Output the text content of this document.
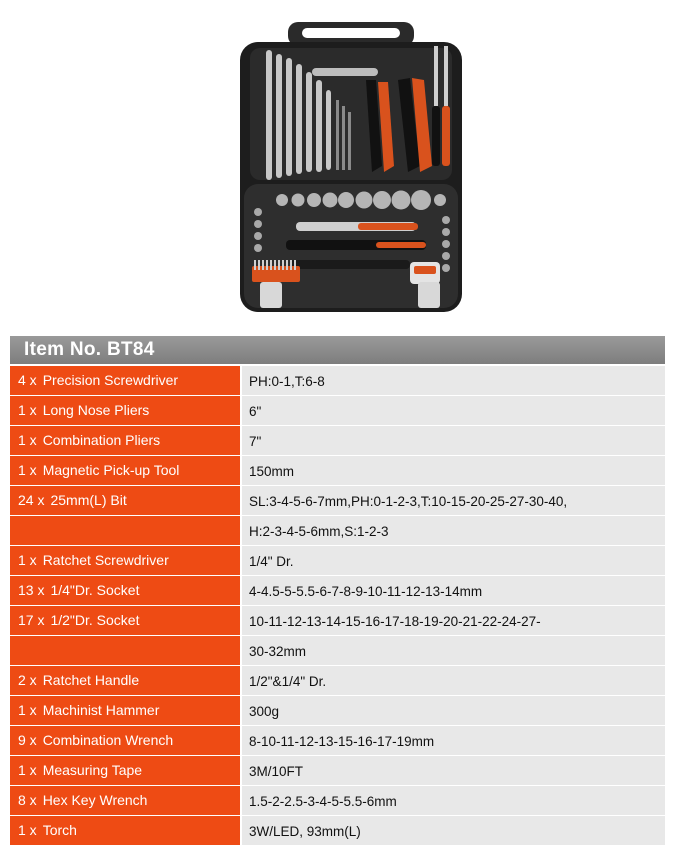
Item No. BT84
4 x Precision Screwdriver	PH:0-1,T:6-8
1 x Long Nose Pliers	6"
1 x Combination Pliers	7"
1 x Magnetic Pick-up Tool	150mm
24 x 25mm(L) Bit	SL:3-4-5-6-7mm,PH:0-1-2-3,T:10-15-20-25-27-30-40,
H:2-3-4-5-6mm,S:1-2-3
1 x Ratchet Screwdriver	1/4" Dr.
13 x 1/4"Dr. Socket	4-4.5-5-5.5-6-7-8-9-10-11-12-13-14mm
17 x 1/2"Dr. Socket	10-11-12-13-14-15-16-17-18-19-20-21-22-24-27-
30-32mm
2 x Ratchet Handle	1/2"&1/4" Dr.
1 x Machinist Hammer	300g
9 x Combination Wrench	8-10-11-12-13-15-16-17-19mm
1 x Measuring Tape	3M/10FT
8 x Hex Key Wrench	1.5-2-2.5-3-4-5-5.5-6mm
1 x Torch	3W/LED, 93mm(L)
